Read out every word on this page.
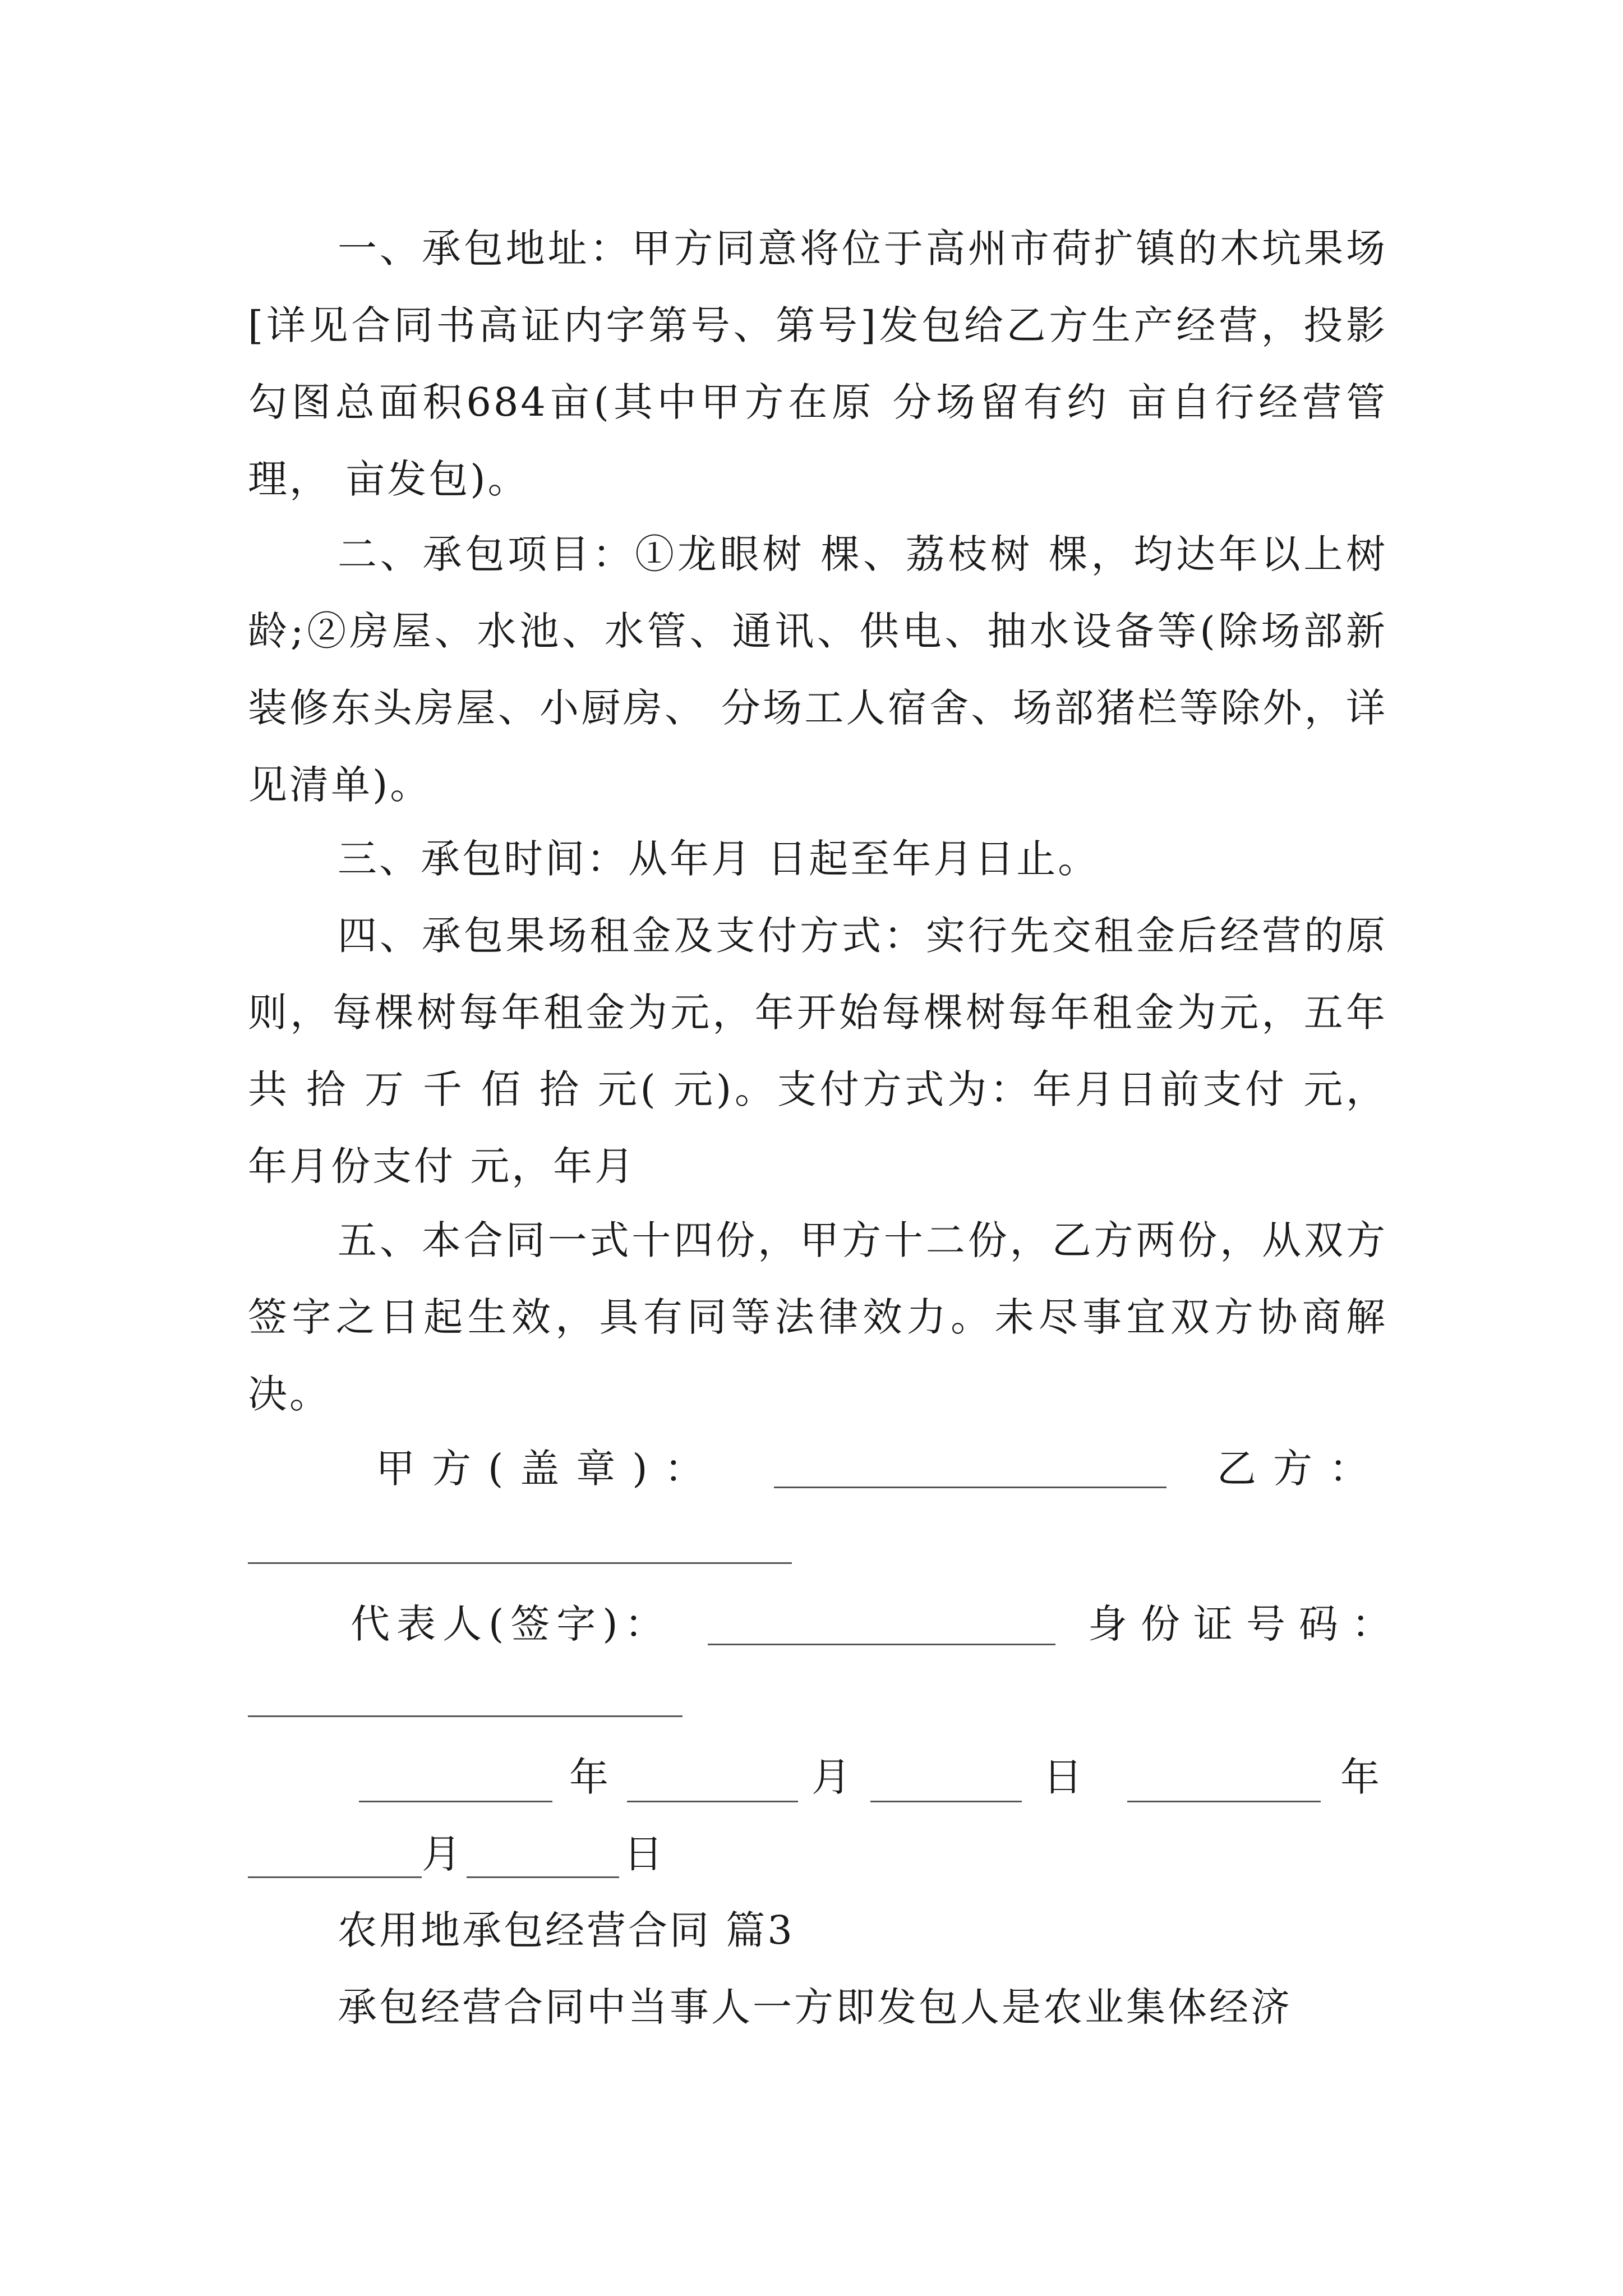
一、承包地址：甲方同意将位于高州市荷扩镇的木坑果场[详见合同书高证内字第号、第号]发包给乙方生产经营，投影勾图总面积684亩(其中甲方在原 分场留有约 亩自行经营管理， 亩发包)。

二、承包项目：①龙眼树 棵、荔枝树 棵，均达年以上树龄;②房屋、水池、水管、通讯、供电、抽水设备等(除场部新装修东头房屋、小厨房、 分场工人宿舍、场部猪栏等除外，详见清单)。

三、承包时间：从年月 日起至年月日止。

四、承包果场租金及支付方式：实行先交租金后经营的原则，每棵树每年租金为元，年开始每棵树每年租金为元，五年共 拾 万 千 佰 拾 元( 元)。支付方式为：年月日前支付 元，年月份支付 元，年月

五、本合同一式十四份，甲方十二份，乙方两份，从双方签字之日起生效，具有同等法律效力。未尽事宜双方协商解决。

甲方(盖章)：	乙方：
代表人(签字)：	身份证号码：
年	月	日	年
月	日
农用地承包经营合同 篇3
承包经营合同中当事人一方即发包人是农业集体经济
